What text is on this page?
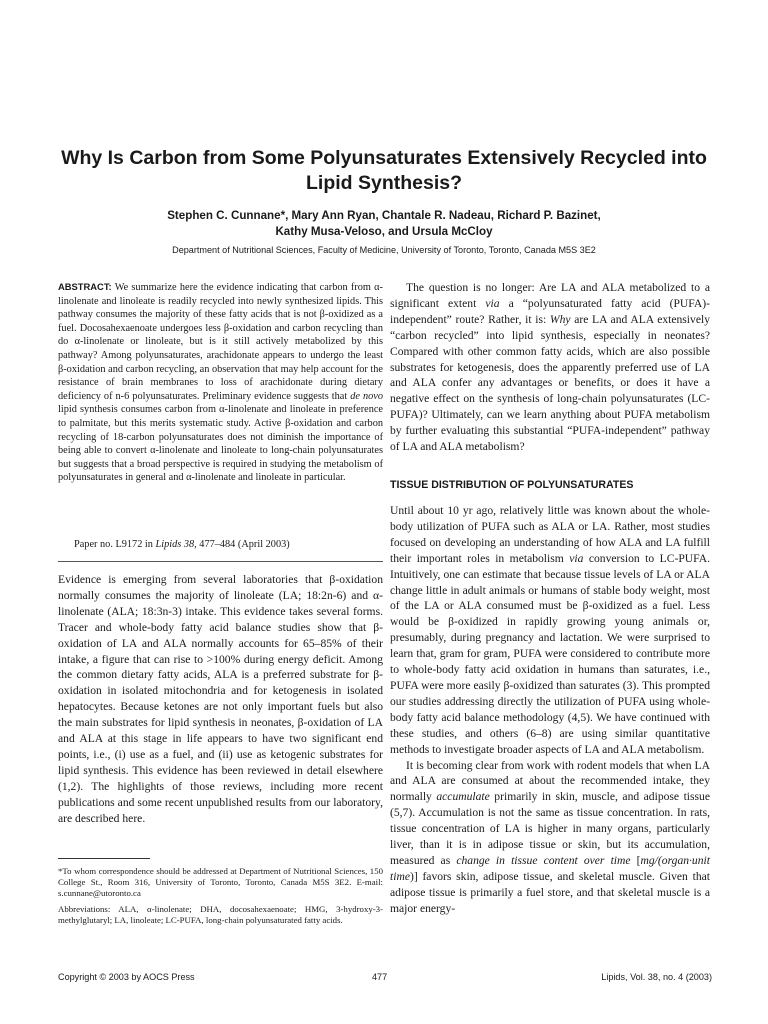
Why Is Carbon from Some Polyunsaturates Extensively Recycled into Lipid Synthesis?
Stephen C. Cunnane*, Mary Ann Ryan, Chantale R. Nadeau, Richard P. Bazinet,
Kathy Musa-Veloso, and Ursula McCloy
Department of Nutritional Sciences, Faculty of Medicine, University of Toronto, Toronto, Canada M5S 3E2

ABSTRACT: We summarize here the evidence indicating that carbon from α-linolenate and linoleate is readily recycled into newly synthesized lipids. This pathway consumes the majority of these fatty acids that is not β-oxidized as a fuel. Docosahexaenoate undergoes less β-oxidation and carbon recycling than do α-linolenate or linoleate, but is it still actively metabolized by this pathway? Among polyunsaturates, arachidonate appears to undergo the least β-oxidation and carbon recycling, an observation that may help account for the resistance of brain membranes to loss of arachidonate during dietary deficiency of n-6 polyunsaturates. Preliminary evidence suggests that de novo lipid synthesis consumes carbon from α-linolenate and linoleate in preference to palmitate, but this merits systematic study. Active β-oxidation and carbon recycling of 18-carbon polyunsaturates does not diminish the importance of being able to convert α-linolenate and linoleate to long-chain polyunsaturates but suggests that a broad perspective is required in studying the metabolism of polyunsaturates in general and α-linolenate and linoleate in particular.

Paper no. L9172 in Lipids 38, 477–484 (April 2003)

Evidence is emerging from several laboratories that β-oxidation normally consumes the majority of linoleate (LA; 18:2n-6) and α-linolenate (ALA; 18:3n-3) intake. This evidence takes several forms. Tracer and whole-body fatty acid balance studies show that β-oxidation of LA and ALA normally accounts for 65–85% of their intake, a figure that can rise to >100% during energy deficit. Among the common dietary fatty acids, ALA is a preferred substrate for β-oxidation in isolated mitochondria and for ketogenesis in isolated hepatocytes. Because ketones are not only important fuels but also the main substrates for lipid synthesis in neonates, β-oxidation of LA and ALA at this stage in life appears to have two significant end points, i.e., (i) use as a fuel, and (ii) use as ketogenic substrates for lipid synthesis. This evidence has been reviewed in detail elsewhere (1,2). The highlights of those reviews, including more recent publications and some recent unpublished results from our laboratory, are described here.

*To whom correspondence should be addressed at Department of Nutritional Sciences, 150 College St., Room 316, University of Toronto, Toronto, Canada M5S 3E2. E-mail: s.cunnane@utoronto.ca

Abbreviations: ALA, α-linolenate; DHA, docosahexaenoate; HMG, 3-hydroxy-3-methylglutaryl; LA, linoleate; LC-PUFA, long-chain polyunsaturated fatty acids.

The question is no longer: Are LA and ALA metabolized to a significant extent via a “polyunsaturated fatty acid (PUFA)-independent” route? Rather, it is: Why are LA and ALA extensively “carbon recycled” into lipid synthesis, especially in neonates? Compared with other common fatty acids, which are also possible substrates for ketogenesis, does the apparently preferred use of LA and ALA confer any advantages or benefits, or does it have a negative effect on the synthesis of long-chain polyunsaturates (LC-PUFA)? Ultimately, can we learn anything about PUFA metabolism by further evaluating this substantial “PUFA-independent” pathway of LA and ALA metabolism?

TISSUE DISTRIBUTION OF POLYUNSATURATES

Until about 10 yr ago, relatively little was known about the whole-body utilization of PUFA such as ALA or LA. Rather, most studies focused on developing an understanding of how ALA and LA fulfill their important roles in metabolism via conversion to LC-PUFA. Intuitively, one can estimate that because tissue levels of LA or ALA change little in adult animals or humans of stable body weight, most of the LA or ALA consumed must be β-oxidized as a fuel. Less would be β-oxidized in rapidly growing young animals or, presumably, during pregnancy and lactation. We were surprised to learn that, gram for gram, PUFA were considered to contribute more to whole-body fatty acid oxidation in humans than saturates, i.e., PUFA were more easily β-oxidized than saturates (3). This prompted our studies addressing directly the utilization of PUFA using whole-body fatty acid balance methodology (4,5). We have continued with these studies, and others (6–8) are using similar quantitative methods to investigate broader aspects of LA and ALA metabolism.

It is becoming clear from work with rodent models that when LA and ALA are consumed at about the recommended intake, they normally accumulate primarily in skin, muscle, and adipose tissue (5,7). Accumulation is not the same as tissue concentration. In rats, tissue concentration of LA is higher in many organs, particularly liver, than it is in adipose tissue or skin, but its accumulation, measured as change in tissue content over time [mg/(organ·unit time)] favors skin, adipose tissue, and skeletal muscle. Given that adipose tissue is primarily a fuel store, and that skeletal muscle is a major energy-

Copyright © 2003 by AOCS Press	477	Lipids, Vol. 38, no. 4 (2003)
